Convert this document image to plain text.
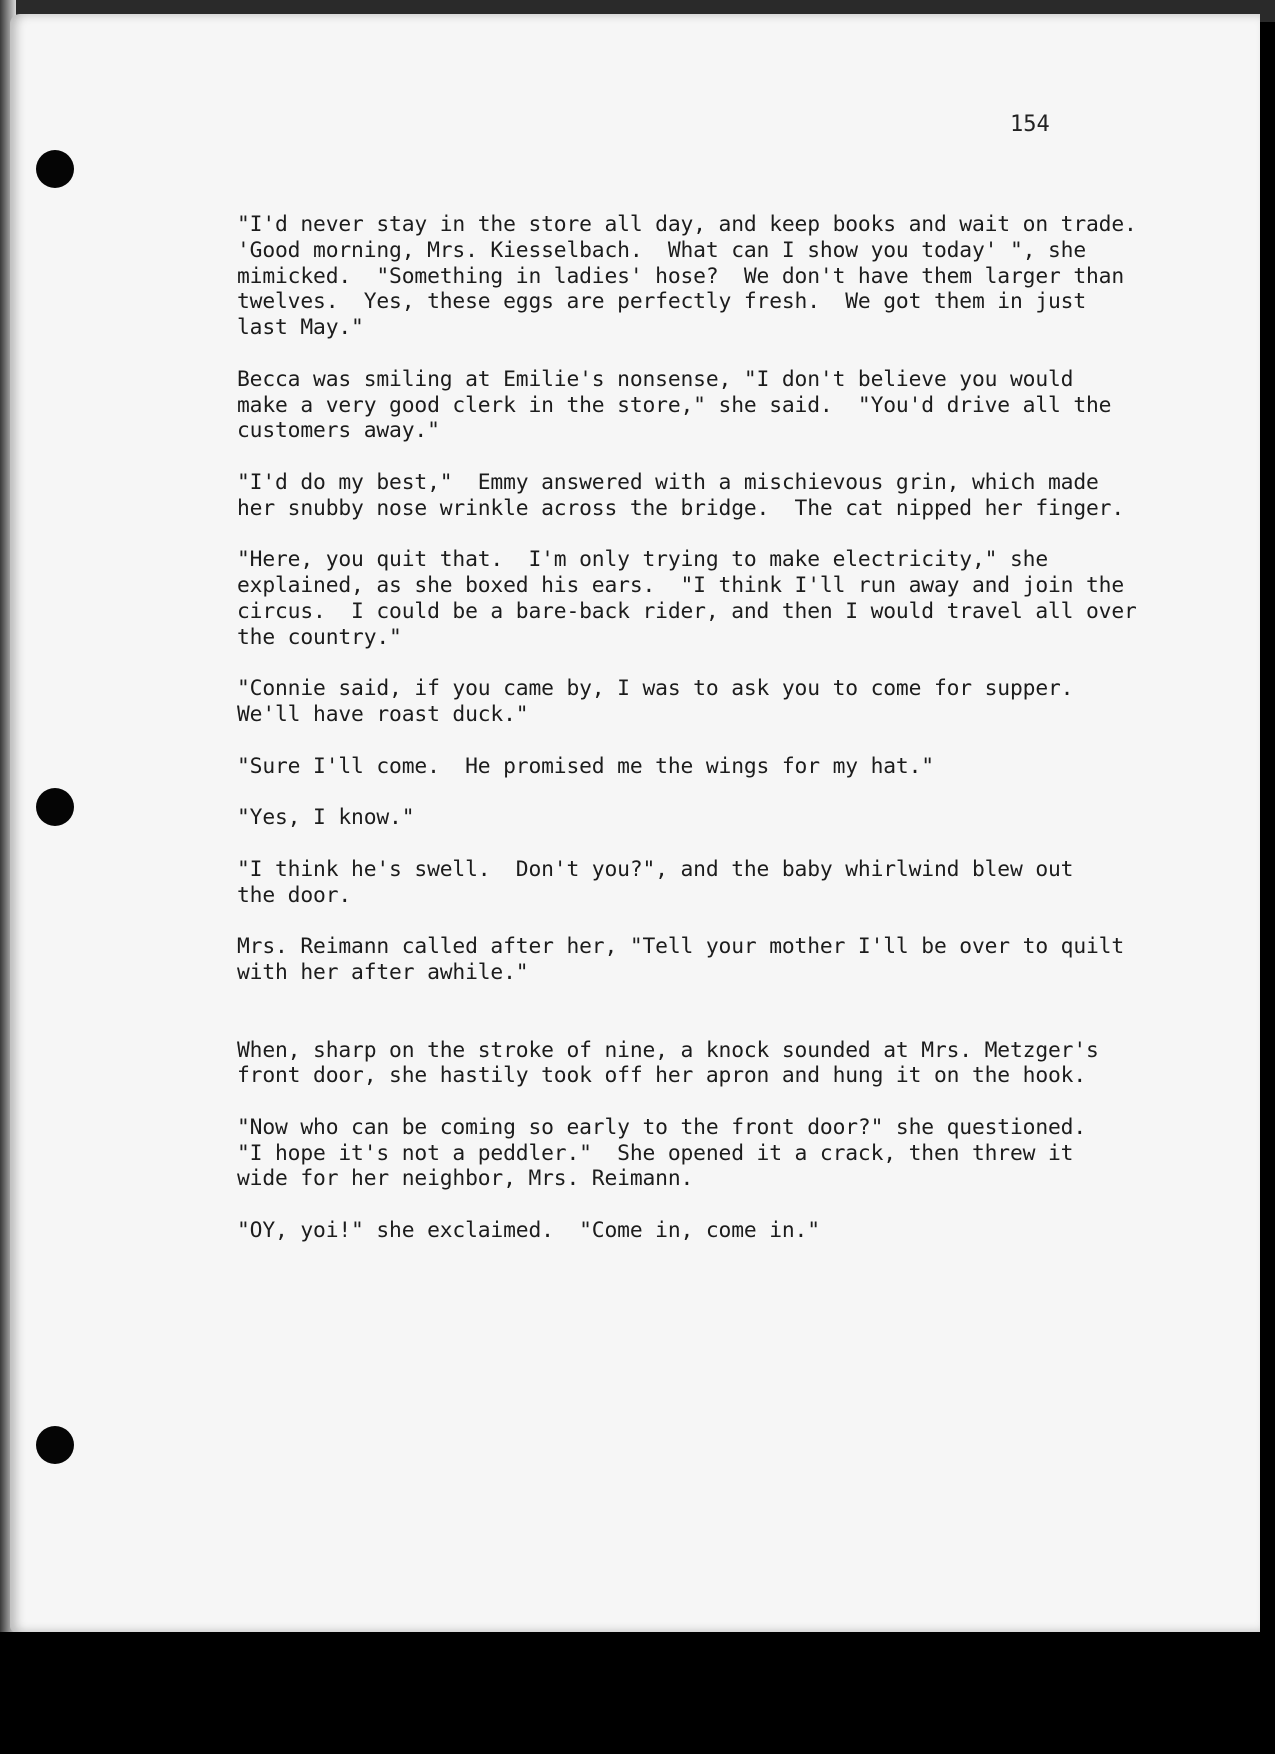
154

"I'd never stay in the store all day, and keep books and wait on trade.
'Good morning, Mrs. Kiesselbach.  What can I show you today' ", she
mimicked.  "Something in ladies' hose?  We don't have them larger than
twelves.  Yes, these eggs are perfectly fresh.  We got them in just
last May."

Becca was smiling at Emilie's nonsense, "I don't believe you would
make a very good clerk in the store," she said.  "You'd drive all the
customers away."

"I'd do my best,"  Emmy answered with a mischievous grin, which made
her snubby nose wrinkle across the bridge.  The cat nipped her finger.

"Here, you quit that.  I'm only trying to make electricity," she
explained, as she boxed his ears.  "I think I'll run away and join the
circus.  I could be a bare-back rider, and then I would travel all over
the country."

"Connie said, if you came by, I was to ask you to come for supper.
We'll have roast duck."

"Sure I'll come.  He promised me the wings for my hat."

"Yes, I know."

"I think he's swell.  Don't you?", and the baby whirlwind blew out
the door.

Mrs. Reimann called after her, "Tell your mother I'll be over to quilt
with her after awhile."

When, sharp on the stroke of nine, a knock sounded at Mrs. Metzger's
front door, she hastily took off her apron and hung it on the hook.

"Now who can be coming so early to the front door?" she questioned.
"I hope it's not a peddler."  She opened it a crack, then threw it
wide for her neighbor, Mrs. Reimann.

"OY, yoi!" she exclaimed.  "Come in, come in."
